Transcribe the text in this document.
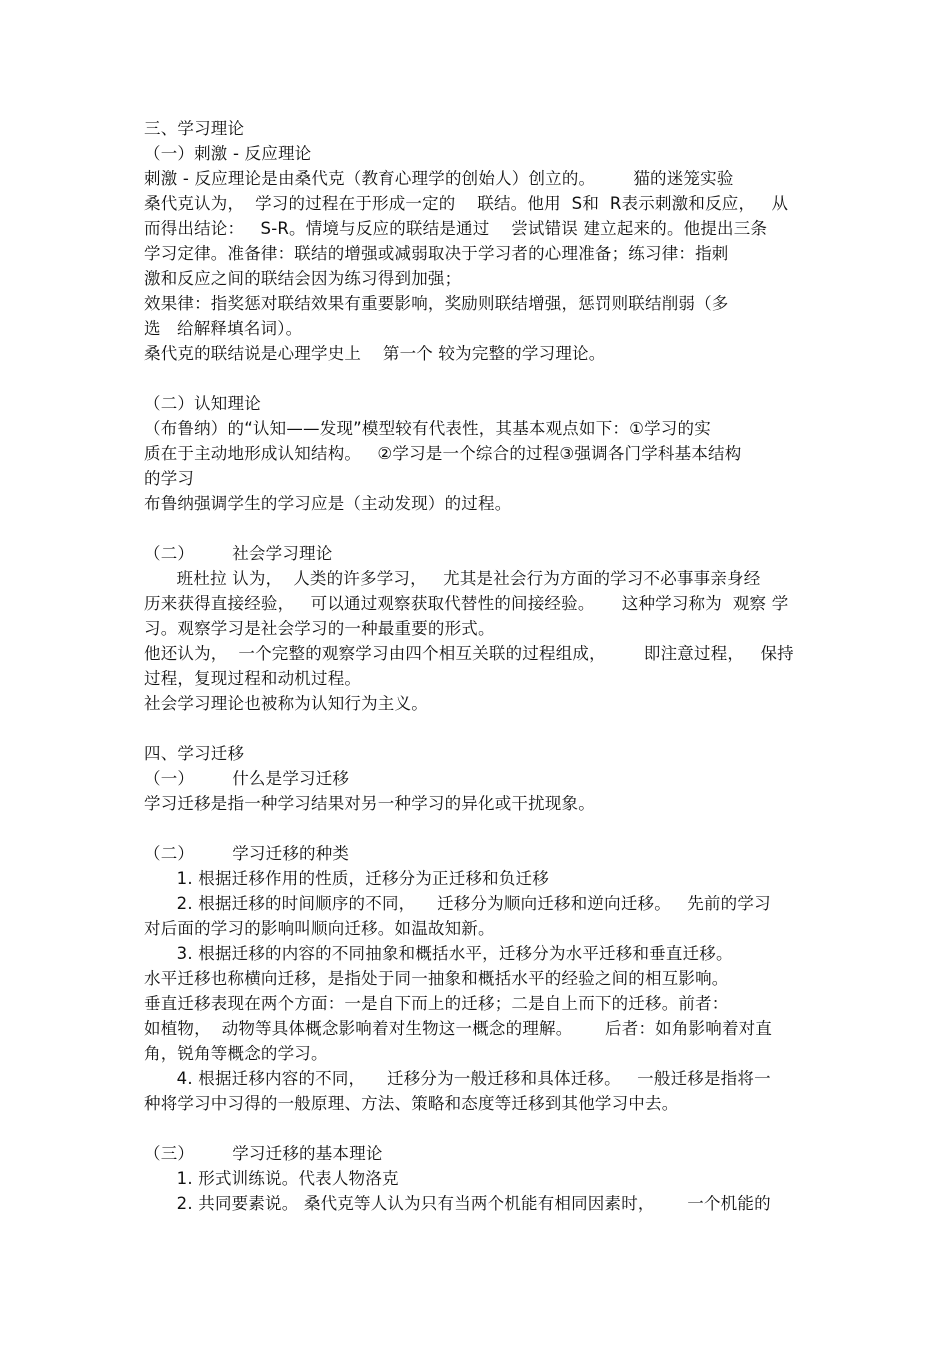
三、学习理论
（一）刺激 - 反应理论
刺激 - 反应理论是由桑代克（教育心理学的创始人）创立的。       猫的迷笼实验
桑代克认为，  学习的过程在于形成一定的    联结。他用  S和  R表示刺激和反应，   从
而得出结论：   S-R。情境与反应的联结是通过    尝试错误 建立起来的。他提出三条
学习定律。准备律：联结的增强或减弱取决于学习者的心理准备；练习律：指刺
激和反应之间的联结会因为练习得到加强；
效果律：指奖惩对联结效果有重要影响，奖励则联结增强，惩罚则联结削弱（多
选   给解释填名词）。
桑代克的联结说是心理学史上    第一个 较为完整的学习理论。
（二）认知理论
（布鲁纳）的“认知——发现”模型较有代表性，其基本观点如下：①学习的实
质在于主动地形成认知结构。   ②学习是一个综合的过程③强调各门学科基本结构
的学习
布鲁纳强调学生的学习应是（主动发现）的过程。
（二）       社会学习理论
班杜拉 认为，  人类的许多学习，   尤其是社会行为方面的学习不必事事亲身经
历来获得直接经验，   可以通过观察获取代替性的间接经验。     这种学习称为  观察 学
习。观察学习是社会学习的一种最重要的形式。
他还认为，  一个完整的观察学习由四个相互关联的过程组成，       即注意过程，   保持
过程，复现过程和动机过程。
社会学习理论也被称为认知行为主义。
四、学习迁移
（一）       什么是学习迁移
学习迁移是指一种学习结果对另一种学习的异化或干扰现象。
（二）       学习迁移的种类
1. 根据迁移作用的性质，迁移分为正迁移和负迁移
2. 根据迁移的时间顺序的不同，    迁移分为顺向迁移和逆向迁移。   先前的学习
对后面的学习的影响叫顺向迁移。如温故知新。
3. 根据迁移的内容的不同抽象和概括水平，迁移分为水平迁移和垂直迁移。
水平迁移也称横向迁移，是指处于同一抽象和概括水平的经验之间的相互影响。
垂直迁移表现在两个方面：一是自下而上的迁移；二是自上而下的迁移。前者：
如植物，  动物等具体概念影响着对生物这一概念的理解。      后者：如角影响着对直
角，锐角等概念的学习。
4. 根据迁移内容的不同，    迁移分为一般迁移和具体迁移。   一般迁移是指将一
种将学习中习得的一般原理、方法、策略和态度等迁移到其他学习中去。
（三）       学习迁移的基本理论
1. 形式训练说。代表人物洛克
2. 共同要素说。 桑代克等人认为只有当两个机能有相同因素时，      一个机能的
